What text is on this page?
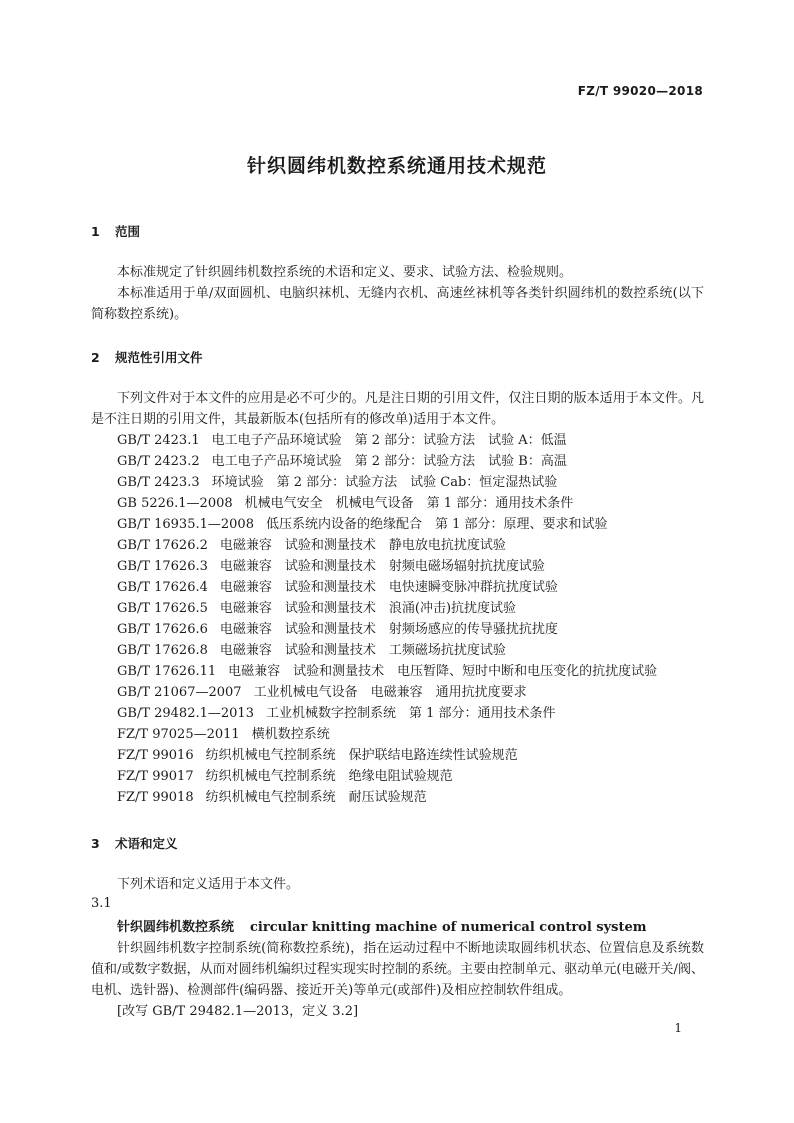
FZ/T 99020—2018
针织圆纬机数控系统通用技术规范
1 范围
本标准规定了针织圆纬机数控系统的术语和定义、要求、试验方法、检验规则。
本标准适用于单/双面圆机、电脑织袜机、无缝内衣机、高速丝袜机等各类针织圆纬机的数控系统(以下简称数控系统)。
2 规范性引用文件
下列文件对于本文件的应用是必不可少的。凡是注日期的引用文件，仅注日期的版本适用于本文件。凡是不注日期的引用文件，其最新版本(包括所有的修改单)适用于本文件。
GB/T 2423.1 电工电子产品环境试验　第 2 部分：试验方法　试验 A：低温
GB/T 2423.2 电工电子产品环境试验　第 2 部分：试验方法　试验 B：高温
GB/T 2423.3 环境试验　第 2 部分：试验方法　试验 Cab：恒定湿热试验
GB 5226.1—2008 机械电气安全　机械电气设备　第 1 部分：通用技术条件
GB/T 16935.1—2008 低压系统内设备的绝缘配合　第 1 部分：原理、要求和试验
GB/T 17626.2 电磁兼容　试验和测量技术　静电放电抗扰度试验
GB/T 17626.3 电磁兼容　试验和测量技术　射频电磁场辐射抗扰度试验
GB/T 17626.4 电磁兼容　试验和测量技术　电快速瞬变脉冲群抗扰度试验
GB/T 17626.5 电磁兼容　试验和测量技术　浪涌(冲击)抗扰度试验
GB/T 17626.6 电磁兼容　试验和测量技术　射频场感应的传导骚扰抗扰度
GB/T 17626.8 电磁兼容　试验和测量技术　工频磁场抗扰度试验
GB/T 17626.11 电磁兼容　试验和测量技术　电压暂降、短时中断和电压变化的抗扰度试验
GB/T 21067—2007 工业机械电气设备　电磁兼容　通用抗扰度要求
GB/T 29482.1—2013 工业机械数字控制系统　第 1 部分：通用技术条件
FZ/T 97025—2011 横机数控系统
FZ/T 99016 纺织机械电气控制系统　保护联结电路连续性试验规范
FZ/T 99017 纺织机械电气控制系统　绝缘电阻试验规范
FZ/T 99018 纺织机械电气控制系统　耐压试验规范
3 术语和定义
下列术语和定义适用于本文件。
3.1
针织圆纬机数控系统 circular knitting machine of numerical control system
针织圆纬机数字控制系统(简称数控系统)，指在运动过程中不断地读取圆纬机状态、位置信息及系统数值和/或数字数据，从而对圆纬机编织过程实现实时控制的系统。主要由控制单元、驱动单元(电磁开关/阀、电机、选针器)、检测部件(编码器、接近开关)等单元(或部件)及相应控制软件组成。
[改写 GB/T 29482.1—2013，定义 3.2]
1
